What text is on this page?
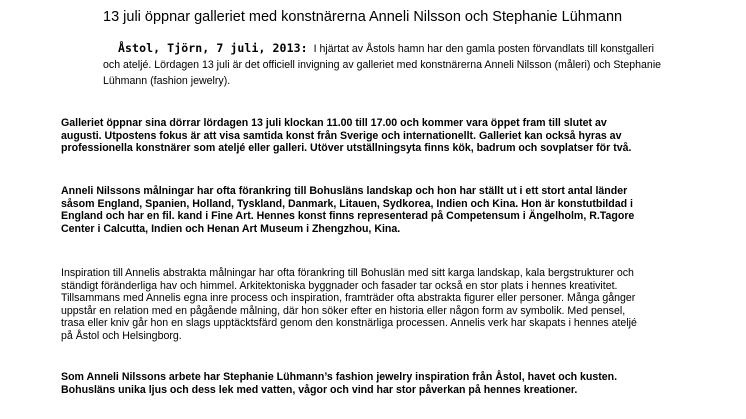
13 juli öppnar galleriet med konstnärerna Anneli Nilsson och Stephanie Lühmann
Åstol, Tjörn, 7 juli, 2013: I hjärtat av Åstols hamn har den gamla posten förvandlats till konstgalleri och ateljé. Lördagen 13 juli är det officiell invigning av galleriet med konstnärerna Anneli Nilsson (måleri) och Stephanie Lühmann (fashion jewelry).

Galleriet öppnar sina dörrar lördagen 13 juli klockan 11.00 till 17.00 och kommer vara öppet fram till slutet av augusti. Utpostens fokus är att visa samtida konst från Sverige och internationellt. Galleriet kan också hyras av professionella konstnärer som ateljé eller galleri. Utöver utställningsyta finns kök, badrum och sovplatser för två.

Anneli Nilssons målningar har ofta förankring till Bohusläns landskap och hon har ställt ut i ett stort antal länder såsom England, Spanien, Holland, Tyskland, Danmark, Litauen, Sydkorea, Indien och Kina. Hon är konstutbildad i England och har en fil. kand i Fine Art. Hennes konst finns representerad på Competensum i Ängelholm, R.Tagore Center i Calcutta, Indien och Henan Art Museum i Zhengzhou, Kina.

Inspiration till Annelis abstrakta målningar har ofta förankring till Bohuslän med sitt karga landskap, kala bergstrukturer och ständigt föränderliga hav och himmel. Arkitektoniska byggnader och fasader tar också en stor plats i hennes kreativitet. Tillsammans med Annelis egna inre process och inspiration, framträder ofta abstrakta figurer eller personer. Många gånger uppstår en relation med en pågående målning, där hon söker efter en historia eller någon form av symbolik. Med pensel, trasa eller kniv går hon en slags upptäcktsfärd genom den konstnärliga processen. Annelis verk har skapats i hennes ateljé på Åstol och Helsingborg.

Som Anneli Nilssons arbete har Stephanie Lühmann’s fashion jewelry inspiration från Åstol, havet och kusten. Bohusläns unika ljus och dess lek med vatten, vågor och vind har stor påverkan på hennes kreationer.
